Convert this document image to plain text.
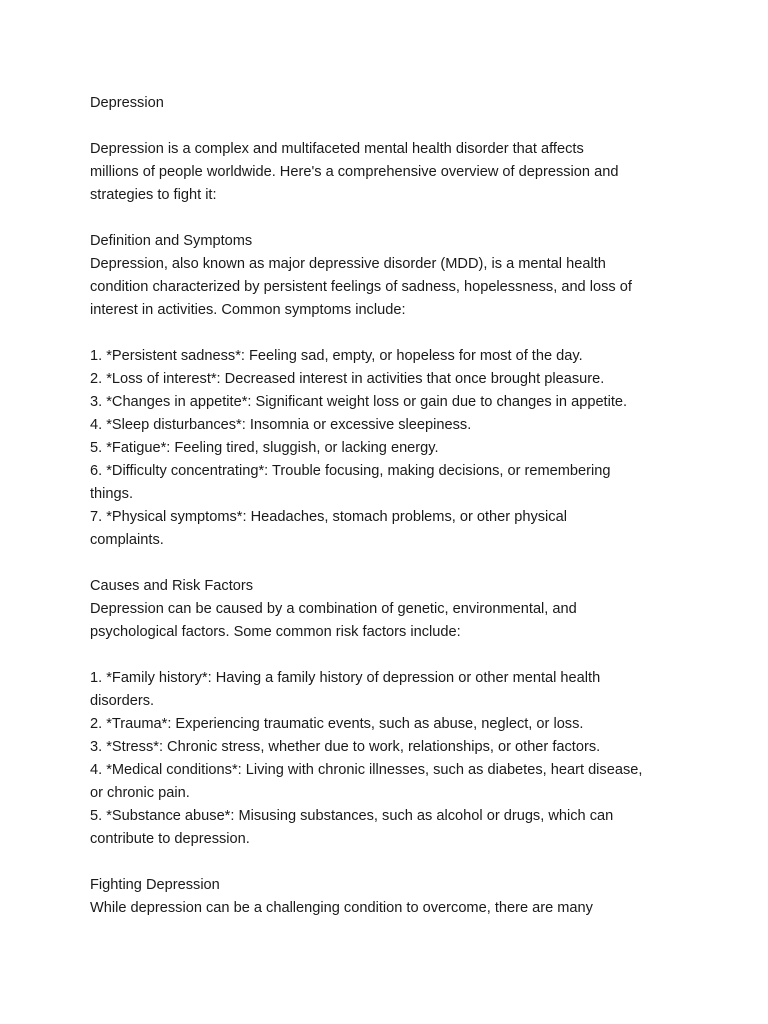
Depression
Depression is a complex and multifaceted mental health disorder that affects
millions of people worldwide. Here's a comprehensive overview of depression and
strategies to fight it:
Definition and Symptoms
Depression, also known as major depressive disorder (MDD), is a mental health
condition characterized by persistent feelings of sadness, hopelessness, and loss of
interest in activities. Common symptoms include:
1. *Persistent sadness*: Feeling sad, empty, or hopeless for most of the day.
2. *Loss of interest*: Decreased interest in activities that once brought pleasure.
3. *Changes in appetite*: Significant weight loss or gain due to changes in appetite.
4. *Sleep disturbances*: Insomnia or excessive sleepiness.
5. *Fatigue*: Feeling tired, sluggish, or lacking energy.
6. *Difficulty concentrating*: Trouble focusing, making decisions, or remembering
things.
7. *Physical symptoms*: Headaches, stomach problems, or other physical
complaints.
Causes and Risk Factors
Depression can be caused by a combination of genetic, environmental, and
psychological factors. Some common risk factors include:
1. *Family history*: Having a family history of depression or other mental health
disorders.
2. *Trauma*: Experiencing traumatic events, such as abuse, neglect, or loss.
3. *Stress*: Chronic stress, whether due to work, relationships, or other factors.
4. *Medical conditions*: Living with chronic illnesses, such as diabetes, heart disease,
or chronic pain.
5. *Substance abuse*: Misusing substances, such as alcohol or drugs, which can
contribute to depression.
Fighting Depression
While depression can be a challenging condition to overcome, there are many
